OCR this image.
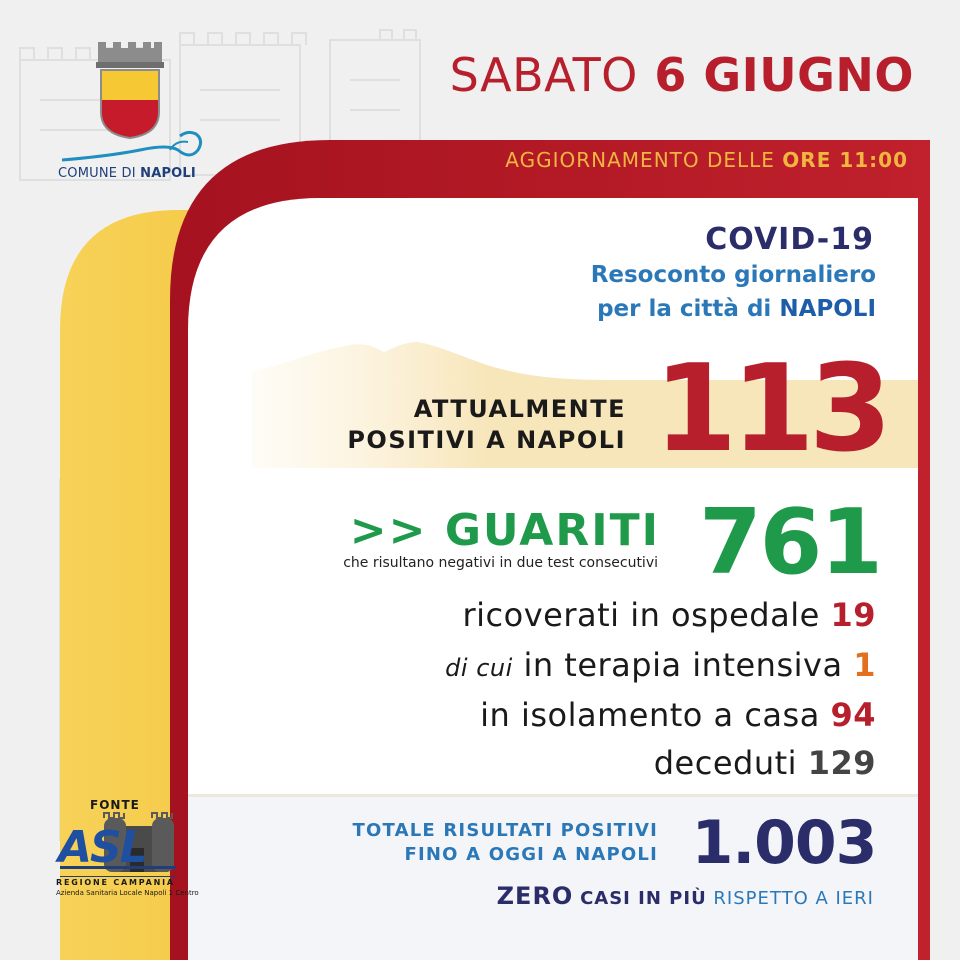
ASL
SABATO 6 GIUGNO
AGGIORNAMENTO DELLE ORE 11:00
COMUNE DI NAPOLI
COVID-19
Resoconto giornaliero
per la città di NAPOLI
ATTUALMENTE
POSITIVI A NAPOLI 113
>> GUARITI
che risultano negativi in due test consecutivi 761
ricoverati in ospedale 19
di cui in terapia intensiva 1
in isolamento a casa 94
deceduti 129
TOTALE RISULTATI POSITIVI
FINO A OGGI A NAPOLI 1.003
ZERO CASI IN PIÙ RISPETTO A IERI
FONTE
REGIONE CAMPANIA
Azienda Sanitaria Locale Napoli 1 Centro
